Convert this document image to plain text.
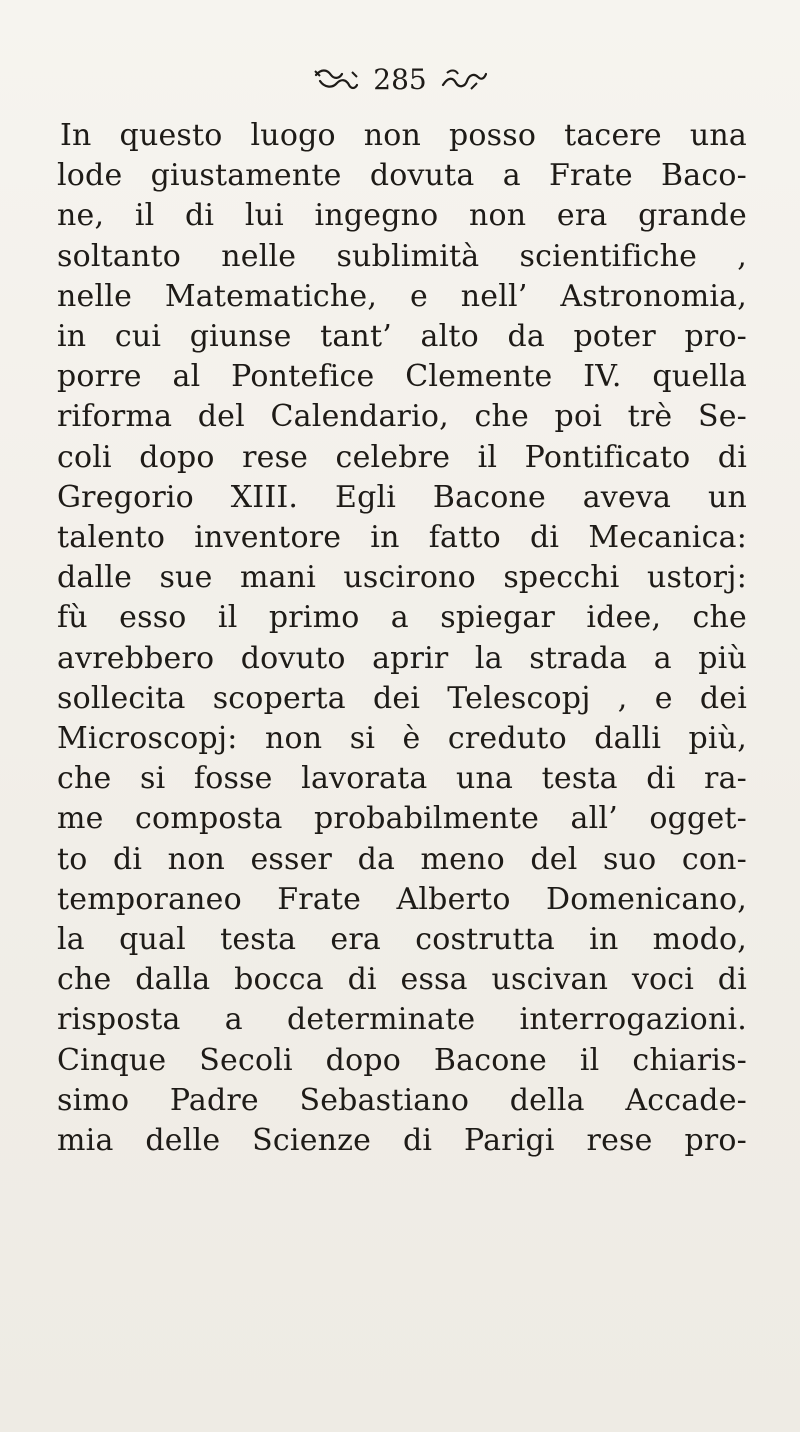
285
In questo luogo non posso tacere una
lode giustamente dovuta a Frate Baco-
ne, il di lui ingegno non era grande
soltanto nelle sublimità scientifiche ,
nelle Matematiche, e nell’ Astronomia,
in cui giunse tant’ alto da poter pro-
porre al Pontefice Clemente IV. quella
riforma del Calendario, che poi trè Se-
coli dopo rese celebre il Pontificato di
Gregorio XIII. Egli Bacone aveva un
talento inventore in fatto di Mecanica:
dalle sue mani uscirono specchi ustorj:
fù esso il primo a spiegar idee, che
avrebbero dovuto aprir la strada a più
sollecita scoperta dei Telescopj , e dei
Microscopj: non si è creduto dalli più,
che si fosse lavorata una testa di ra-
me composta probabilmente all’ ogget-
to di non esser da meno del suo con-
temporaneo Frate Alberto Domenicano,
la qual testa era costrutta in modo,
che dalla bocca di essa uscivan voci di
risposta a determinate interrogazioni.
Cinque Secoli dopo Bacone il chiaris-
simo Padre Sebastiano della Accade-
mia delle Scienze di Parigi rese pro-
